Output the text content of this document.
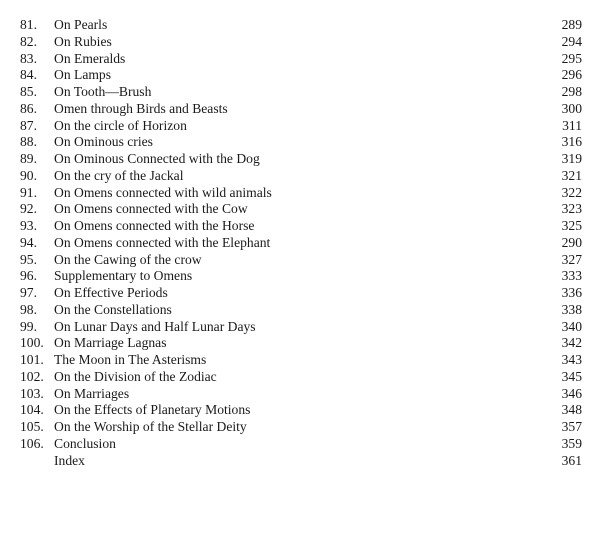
81. On Pearls	289
82. On Rubies	294
83. On Emeralds	295
84. On Lamps	296
85. On Tooth—Brush	298
86. Omen through Birds and Beasts	300
87. On the circle of Horizon	311
88. On Ominous cries	316
89. On Ominous Connected with the Dog	319
90. On the cry of the Jackal	321
91. On Omens connected with wild animals	322
92. On Omens connected with the Cow	323
93. On Omens connected with the Horse	325
94. On Omens connected with the Elephant	290
95. On the Cawing of the crow	327
96. Supplementary to Omens	333
97. On Effective Periods	336
98. On the Constellations	338
99. On Lunar Days and Half Lunar Days	340
100. On Marriage Lagnas	342
101. The Moon in The Asterisms	343
102. On the Division of the Zodiac	345
103. On Marriages	346
104. On the Effects of Planetary Motions	348
105. On the Worship of the Stellar Deity	357
106. Conclusion	359
Index	361
